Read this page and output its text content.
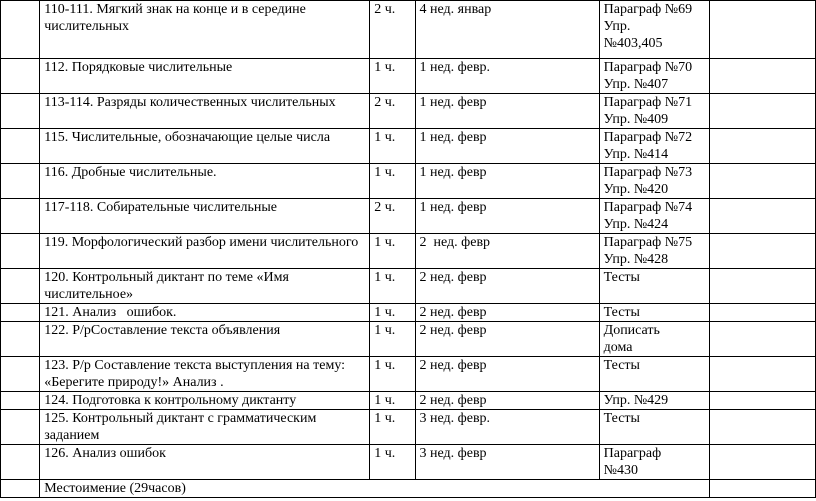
	110-111. Мягкий знак на конце и в середине числительных	2 ч.	4 нед. январ	Параграф №69
Упр.
№403,405	
	112. Порядковые числительные	1 ч.	1 нед. февр.	Параграф №70
Упр. №407	
	113-114. Разряды количественных числительных	2 ч.	1 нед. февр	Параграф №71
Упр. №409	
	115. Числительные, обозначающие целые числа	1 ч.	1 нед. февр	Параграф №72
Упр. №414	
	116. Дробные числительные.	1 ч.	1 нед. февр	Параграф №73
Упр. №420	
	117-118. Собирательные числительные	2 ч.	1 нед. февр	Параграф №74
Упр. №424	
	119. Морфологический разбор имени числительного	1 ч.	2  нед. февр	Параграф №75
Упр. №428	
	120. Контрольный диктант по теме «Имя числительное»	1 ч.	2 нед. февр	Тесты	
	121. Анализ   ошибок.	1 ч.	2 нед. февр	Тесты	
	122. Р/рСоставление текста объявления	1 ч.	2 нед. февр	Дописать
дома	
	123. Р/р Составление текста выступления на тему: «Берегите природу!» Анализ .	1 ч.	2 нед. февр	Тесты	
	124. Подготовка к контрольному диктанту	1 ч.	2 нед. февр	Упр. №429	
	125. Контрольный диктант с грамматическим заданием	1 ч.	3 нед. февр.	Тесты	
	126. Анализ ошибок	1 ч.	3 нед. февр	Параграф
№430	
	Местоимение (29часов)				
